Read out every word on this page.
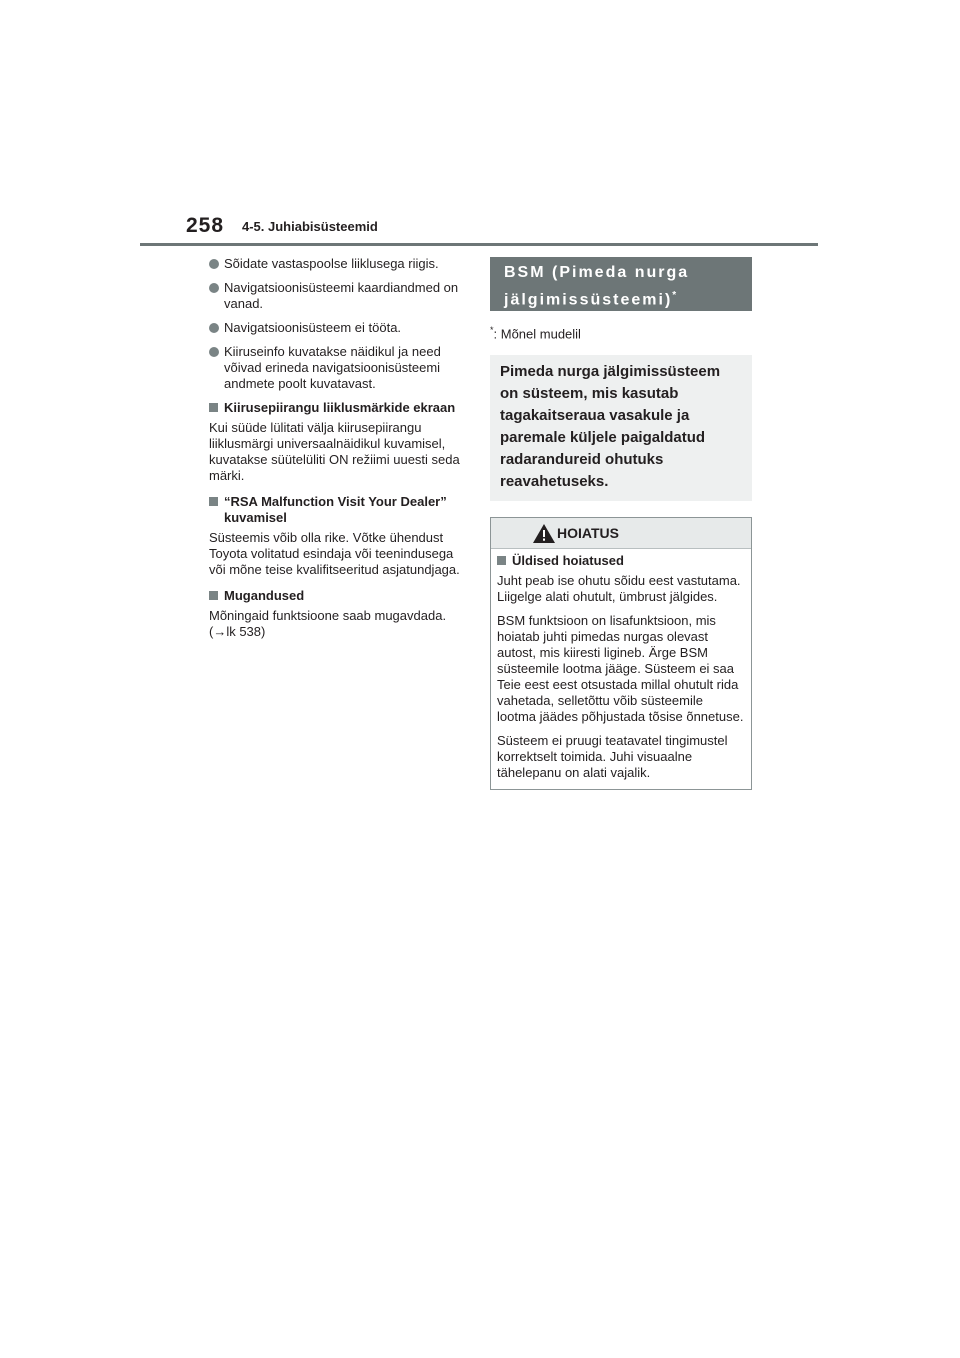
258 4-5. Juhiabisüsteemid
Sõidate vastaspoolse liiklusega riigis.
Navigatsioonisüsteemi kaardiandmed on vanad.
Navigatsioonisüsteem ei tööta.
Kiiruseinfo kuvatakse näidikul ja need võivad erineda navigatsioonisüsteemi andmete poolt kuvatavast.
Kiirusepiirangu liiklusmärkide ekraan
Kui süüde lülitati välja kiirusepiirangu liiklusmärgi universaalnäidikul kuvamisel, kuvatakse süütelüliti ON režiimi uuesti seda märki.
“RSA Malfunction Visit Your Dealer” kuvamisel
Süsteemis võib olla rike. Võtke ühendust Toyota volitatud esindaja või teenindusega või mõne teise kvalifitseeritud asjatundjaga.
Mugandused
Mõningaid funktsioone saab mugavdada. (→lk 538)
BSM (Pimeda nurga
jälgimissüsteemi)*
*: Mõnel mudelil
Pimeda nurga jälgimissüsteem on süsteem, mis kasutab tagakaitseraua vasakule ja paremale küljele paigaldatud radarandureid ohutuks reavahetuseks.
HOIATUS
Üldised hoiatused
Juht peab ise ohutu sõidu eest vastutama. Liigelge alati ohutult, ümbrust jälgides.
BSM funktsioon on lisafunktsioon, mis hoiatab juhti pimedas nurgas olevast autost, mis kiiresti ligineb. Ärge BSM süsteemile lootma jääge. Süsteem ei saa Teie eest eest otsustada millal ohutult rida vahetada, selletõttu võib süsteemile lootma jäädes põhjustada tõsise õnnetuse.
Süsteem ei pruugi teatavatel tingimustel korrektselt toimida. Juhi visuaalne tähelepanu on alati vajalik.
